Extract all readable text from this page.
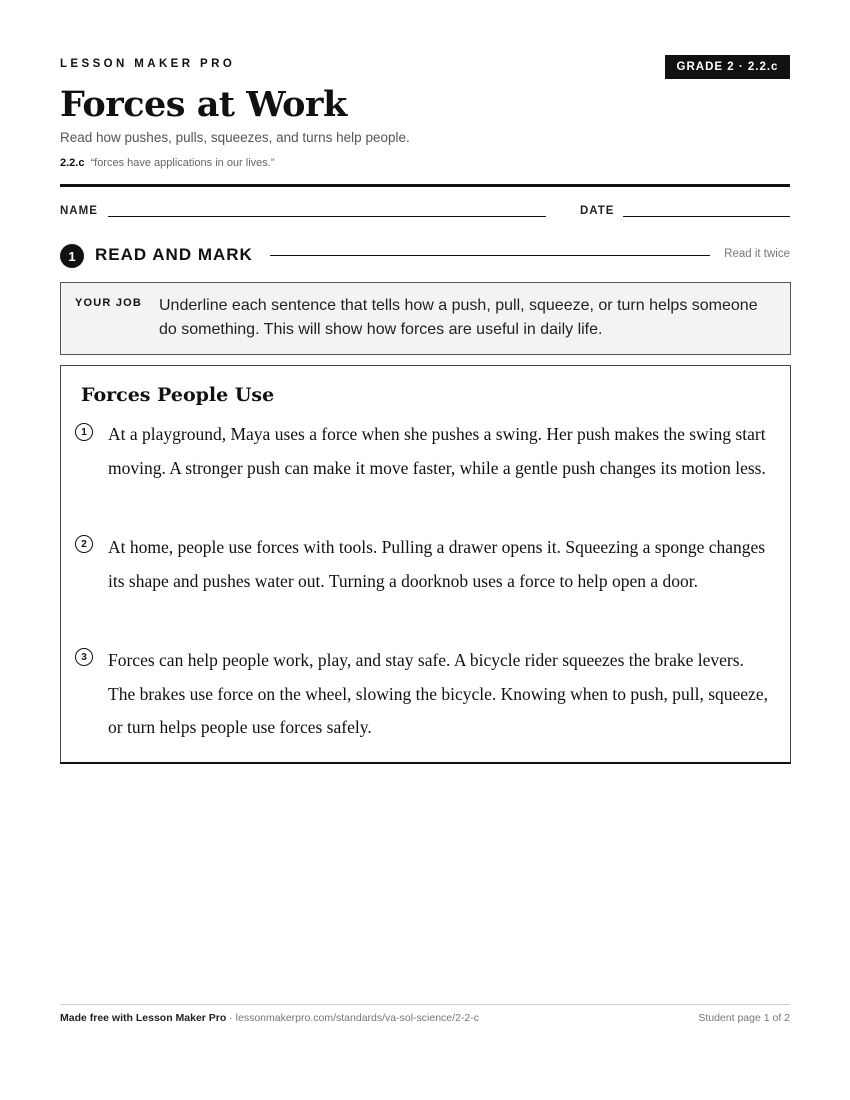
LESSON MAKER PRO	GRADE 2 · 2.2.c
Forces at Work
Read how pushes, pulls, squeezes, and turns help people.
2.2.c “forces have applications in our lives.”
NAME	DATE
1	READ AND MARK	Read it twice
YOUR JOB Underline each sentence that tells how a push, pull, squeeze, or turn helps someone do something. This will show how forces are useful in daily life.
Forces People Use
1	At a playground, Maya uses a force when she pushes a swing. Her push makes the swing start moving. A stronger push can make it move faster, while a gentle push changes its motion less.

2	At home, people use forces with tools. Pulling a drawer opens it. Squeezing a sponge changes its shape and pushes water out. Turning a doorknob uses a force to help open a door.

3	Forces can help people work, play, and stay safe. A bicycle rider squeezes the brake levers. The brakes use force on the wheel, slowing the bicycle. Knowing when to push, pull, squeeze, or turn helps people use forces safely.

Made free with Lesson Maker Pro · lessonmakerpro.com/standards/va-sol-science/2-2-c	Student page 1 of 2
